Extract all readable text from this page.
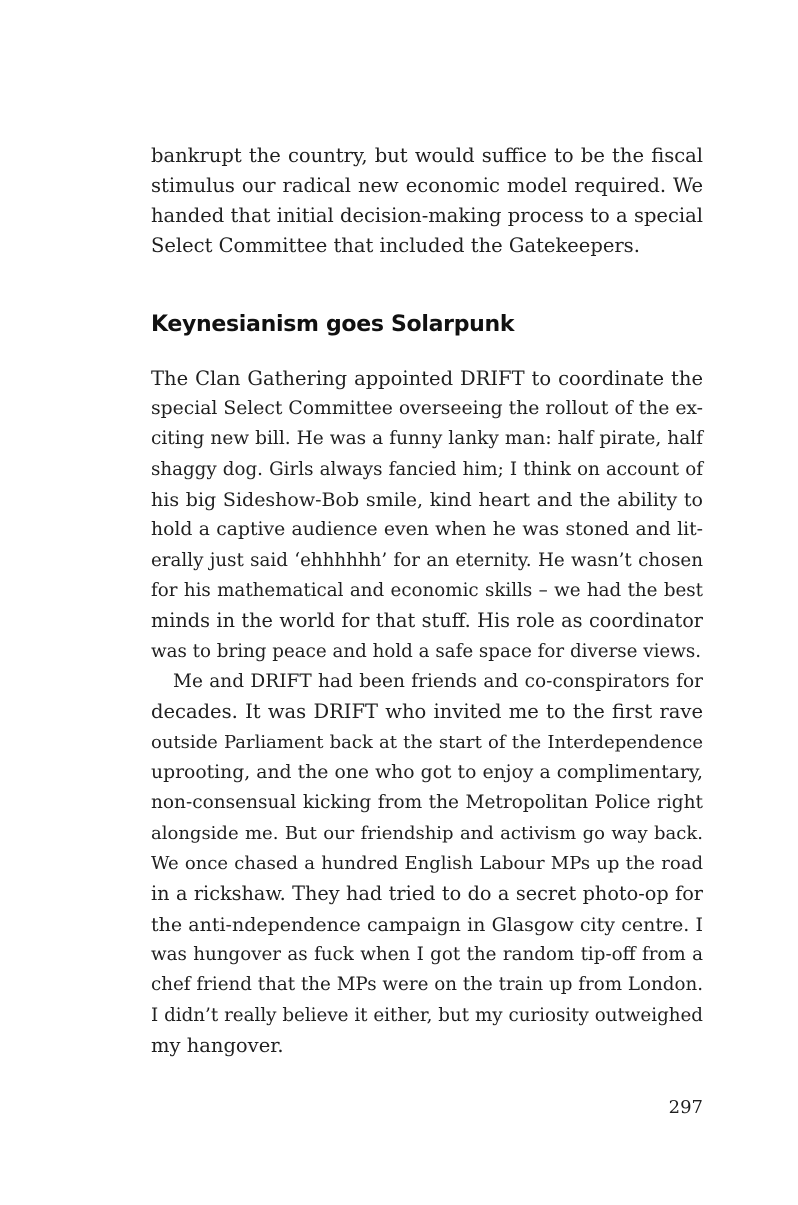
bankrupt the country, but would suffice to be the fiscal
stimulus our radical new economic model required. We
handed that initial decision-making process to a special
Select Committee that included the Gatekeepers.
Keynesianism goes Solarpunk
The Clan Gathering appointed DRIFT to coordinate the
special Select Committee overseeing the rollout of the ex-
citing new bill. He was a funny lanky man: half pirate, half
shaggy dog. Girls always fancied him; I think on account of
his big Sideshow-Bob smile, kind heart and the ability to
hold a captive audience even when he was stoned and lit-
erally just said ‘ehhhhhh’ for an eternity. He wasn’t chosen
for his mathematical and economic skills – we had the best
minds in the world for that stuff. His role as coordinator
was to bring peace and hold a safe space for diverse views.
Me and DRIFT had been friends and co-conspirators for
decades. It was DRIFT who invited me to the first rave
outside Parliament back at the start of the Interdependence
uprooting, and the one who got to enjoy a complimentary,
non-consensual kicking from the Metropolitan Police right
alongside me. But our friendship and activism go way back.
We once chased a hundred English Labour MPs up the road
in a rickshaw. They had tried to do a secret photo-op for
the anti-ndependence campaign in Glasgow city centre. I
was hungover as fuck when I got the random tip-off from a
chef friend that the MPs were on the train up from London.
I didn’t really believe it either, but my curiosity outweighed
my hangover.
297
